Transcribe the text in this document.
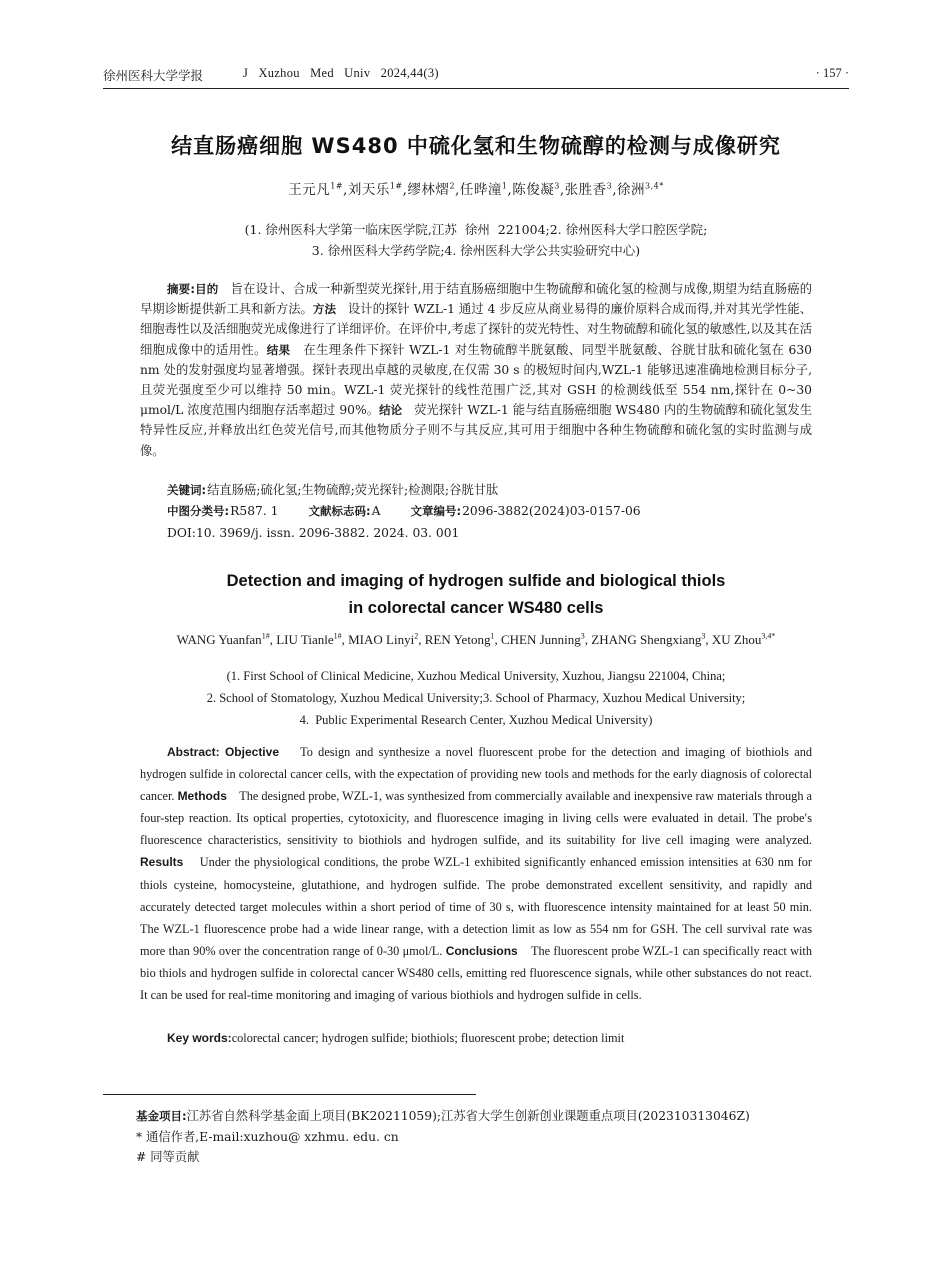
徐州医科大学学报	J   Xuzhou   Med   Univ   2024,44(3)	· 157 ·
结直肠癌细胞 WS480 中硫化氢和生物硫醇的检测与成像研究
王元凡$^{1\#}$,刘天乐$^{1\#}$,缪林熠$^2$,任晔潼$^1$,陈俊凝$^3$,张胜香$^3$,徐洲$^{3,4*}$
(1. 徐州医科大学第一临床医学院,江苏  徐州  221004;2. 徐州医科大学口腔医学院;
3. 徐州医科大学药学院;4. 徐州医科大学公共实验研究中心)

摘要:目的 旨在设计、合成一种新型荧光探针,用于结直肠癌细胞中生物硫醇和硫化氢的检测与成像,期望为结直肠癌的早期诊断提供新工具和新方法。方法 设计的探针 WZL-1 通过 4 步反应从商业易得的廉价原料合成而得,并对其光学性能、细胞毒性以及活细胞荧光成像进行了详细评价。在评价中,考虑了探针的荧光特性、对生物硫醇和硫化氢的敏感性,以及其在活细胞成像中的适用性。结果 在生理条件下探针 WZL-1 对生物硫醇半胱氨酸、同型半胱氨酸、谷胱甘肽和硫化氢在 630 nm 处的发射强度均显著增强。探针表现出卓越的灵敏度,在仅需 30 s 的极短时间内,WZL-1 能够迅速准确地检测目标分子,且荧光强度至少可以维持 50 min。WZL-1 荧光探针的线性范围广泛,其对 GSH 的检测线低至 554 nm,探针在 0~30 μmol/L 浓度范围内细胞存活率超过 90%。结论 荧光探针 WZL-1 能与结直肠癌细胞 WS480 内的生物硫醇和硫化氢发生特异性反应,并释放出红色荧光信号,而其他物质分子则不与其反应,其可用于细胞中各种生物硫醇和硫化氢的实时监测与成像。

关键词:结直肠癌;硫化氢;生物硫醇;荧光探针;检测限;谷胱甘肽
中图分类号:R587. 1	文献标志码:A	文章编号:2096-3882(2024)03-0157-06
DOI:10. 3969/j. issn. 2096-3882. 2024. 03. 001
Detection and imaging of hydrogen sulfide and biological thiols
in colorectal cancer WS480 cells
WANG Yuanfan$^{1\#}$, LIU Tianle$^{1\#}$, MIAO Linyi$^2$, REN Yetong$^1$, CHEN Junning$^3$, ZHANG Shengxiang$^3$, XU Zhou$^{3,4*}$
(1. First School of Clinical Medicine, Xuzhou Medical University, Xuzhou, Jiangsu 221004, China;
2. School of Stomatology, Xuzhou Medical University;3. School of Pharmacy, Xuzhou Medical University;
4.  Public Experimental Research Center, Xuzhou Medical University)

Abstract: Objective To design and synthesize a novel fluorescent probe for the detection and imaging of biothiols and hydrogen sulfide in colorectal cancer cells, with the expectation of providing new tools and methods for the early diagnosis of colorectal cancer. Methods The designed probe, WZL-1, was synthesized from commercially available and inexpensive raw materials through a four-step reaction. Its optical properties, cytotoxicity, and fluorescence imaging in living cells were evaluated in detail. The probe′s fluorescence characteristics, sensitivity to biothiols and hydrogen sulfide, and its suitability for live cell imaging were analyzed. Results Under the physiological conditions, the probe WZL-1 exhibited significantly enhanced emission intensities at 630 nm for thiols cysteine, homocysteine, glutathione, and hydrogen sulfide. The probe demonstrated excellent sensitivity, and rapidly and accurately detected target molecules within a short period of time of 30 s, with fluorescence intensity maintained for at least 50 min. The WZL-1 fluorescence probe had a wide linear range, with a detection limit as low as 554 nm for GSH. The cell survival rate was more than 90% over the concentration range of 0-30 μmol/L. Conclusions The fluorescent probe WZL-1 can specifically react with bio thiols and hydrogen sulfide in colorectal cancer WS480 cells, emitting red fluorescence signals, while other substances do not react. It can be used for real-time monitoring and imaging of various biothiols and hydrogen sulfide in cells.

Key words:colorectal cancer; hydrogen sulfide; biothiols; fluorescent probe; detection limit
基金项目:江苏省自然科学基金面上项目(BK20211059);江苏省大学生创新创业课题重点项目(202310313046Z)
* 通信作者,E-mail:xuzhou@ xzhmu. edu. cn
# 同等贡献
